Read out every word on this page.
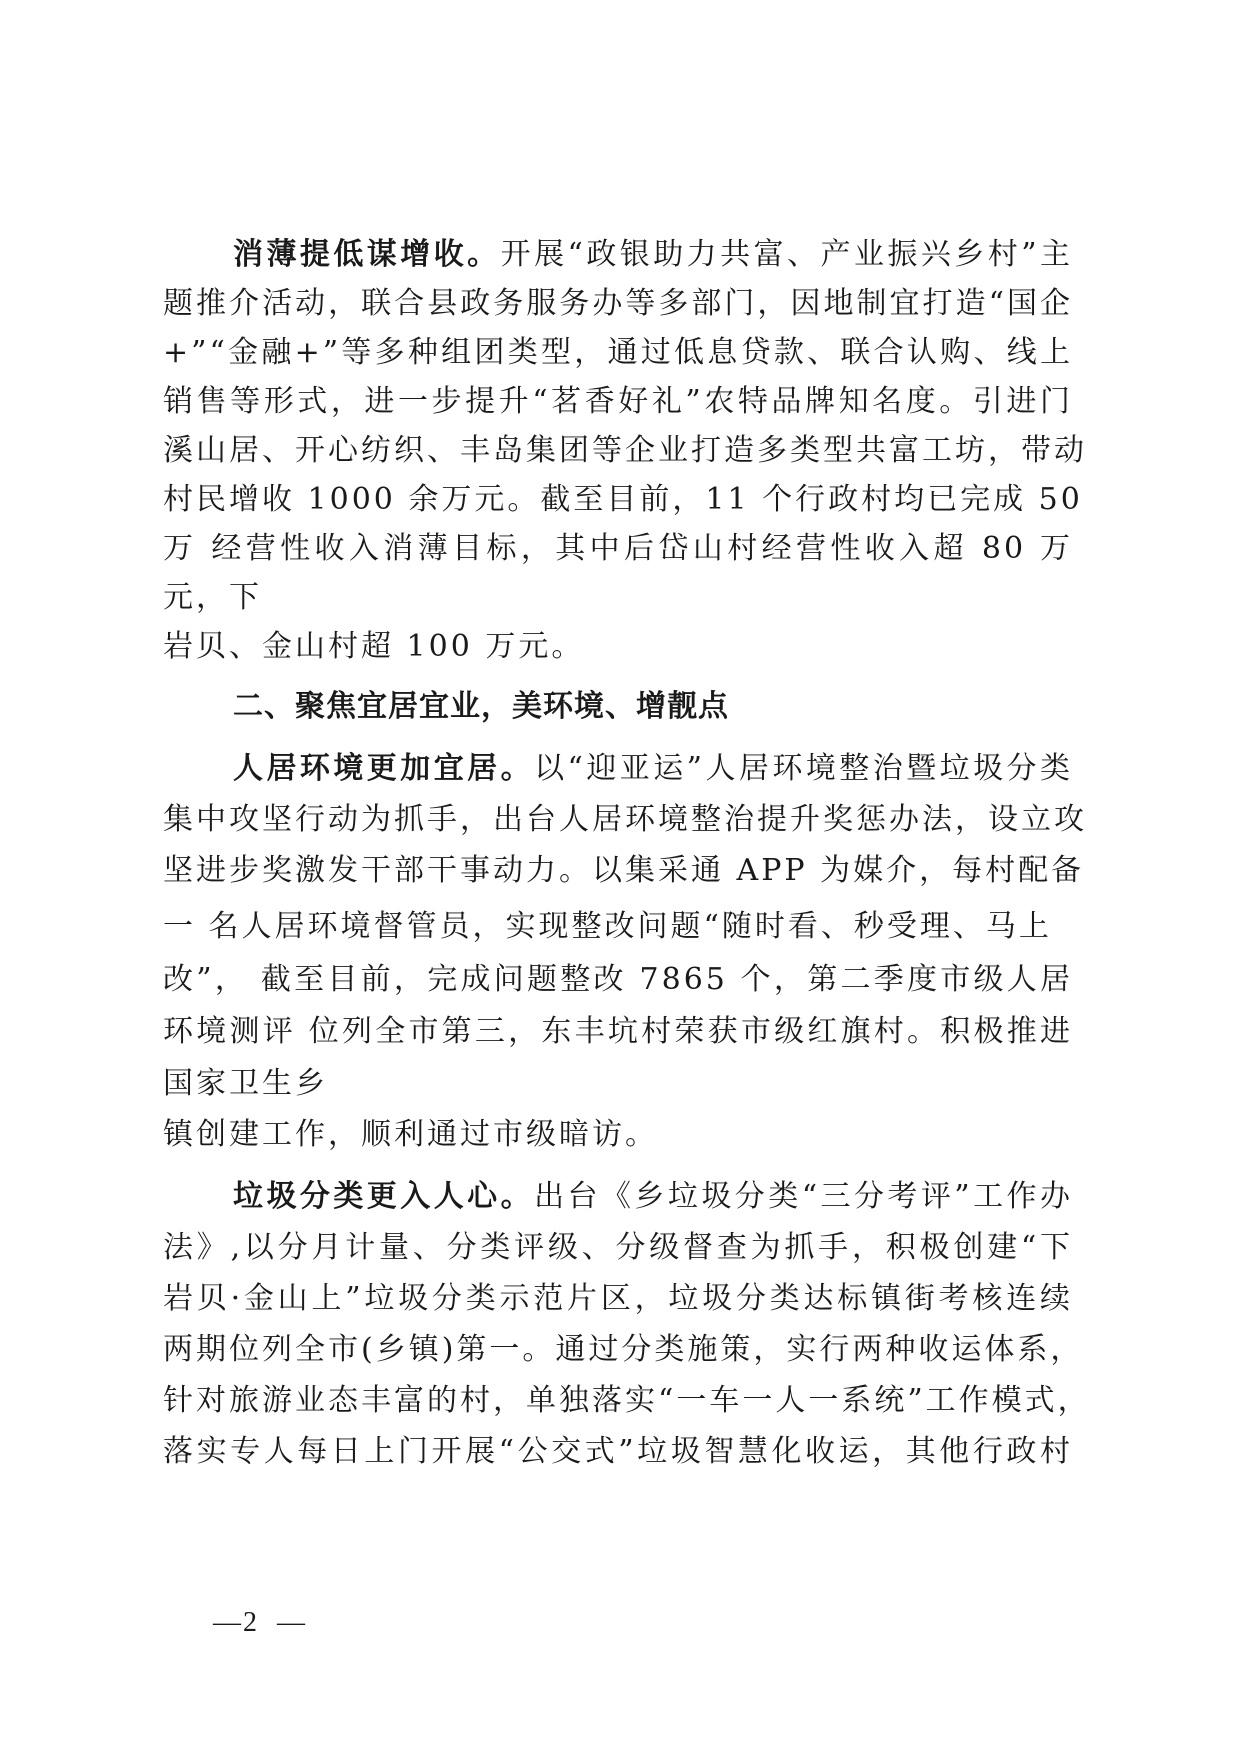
消薄提低谋增收。开展“政银助力共富、产业振兴乡村”主
题推介活动，联合县政务服务办等多部门，因地制宜打造“国企
+”“金融+”等多种组团类型，通过低息贷款、联合认购、线上
销售等形式，进一步提升“茗香好礼”农特品牌知名度。引进门
溪山居、开心纺织、丰岛集团等企业打造多类型共富工坊，带动
村民增收 1000 余万元。截至目前，11 个行政村均已完成 50
万 经营性收入消薄目标，其中后岱山村经营性收入超 80 万
元，下
岩贝、金山村超 100 万元。
二、聚焦宜居宜业，美环境、增靓点
人居环境更加宜居。以“迎亚运”人居环境整治暨垃圾分类
集中攻坚行动为抓手，出台人居环境整治提升奖惩办法，设立攻
坚进步奖激发干部干事动力。以集采通 APP 为媒介，每村配备
一 名人居环境督管员，实现整改问题“随时看、秒受理、马上
改”， 截至目前，完成问题整改 7865 个，第二季度市级人居
环境测评 位列全市第三，东丰坑村荣获市级红旗村。积极推进
国家卫生乡
镇创建工作，顺利通过市级暗访。
垃圾分类更入人心。出台《乡垃圾分类“三分考评”工作办
法》,以分月计量、分类评级、分级督查为抓手，积极创建“下
岩贝·金山上”垃圾分类示范片区，垃圾分类达标镇街考核连续
两期位列全市(乡镇)第一。通过分类施策，实行两种收运体系，
针对旅游业态丰富的村，单独落实“一车一人一系统”工作模式，
落实专人每日上门开展“公交式”垃圾智慧化收运，其他行政村
—2  —
